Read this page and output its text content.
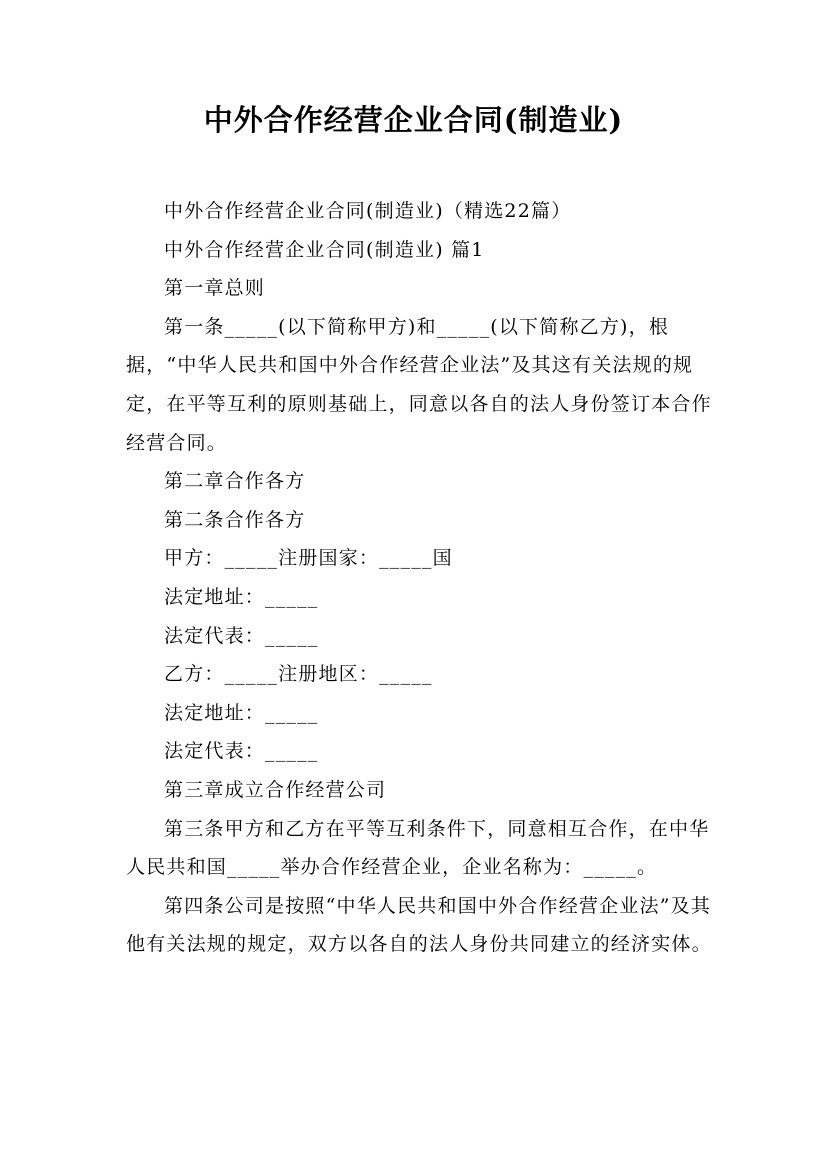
中外合作经营企业合同(制造业)

中外合作经营企业合同(制造业)（精选22篇）

中外合作经营企业合同(制造业) 篇1

第一章总则

第一条_____(以下简称甲方)和_____(以下简称乙方)，根据，“中华人民共和国中外合作经营企业法”及其这有关法规的规定，在平等互利的原则基础上，同意以各自的法人身份签订本合作经营合同。

第二章合作各方

第二条合作各方

甲方：_____注册国家：_____国

法定地址：_____

法定代表：_____

乙方：_____注册地区：_____

法定地址：_____

法定代表：_____

第三章成立合作经营公司

第三条甲方和乙方在平等互利条件下，同意相互合作，在中华人民共和国_____举办合作经营企业，企业名称为：_____。

第四条公司是按照“中华人民共和国中外合作经营企业法”及其他有关法规的规定，双方以各自的法人身份共同建立的经济实体。
